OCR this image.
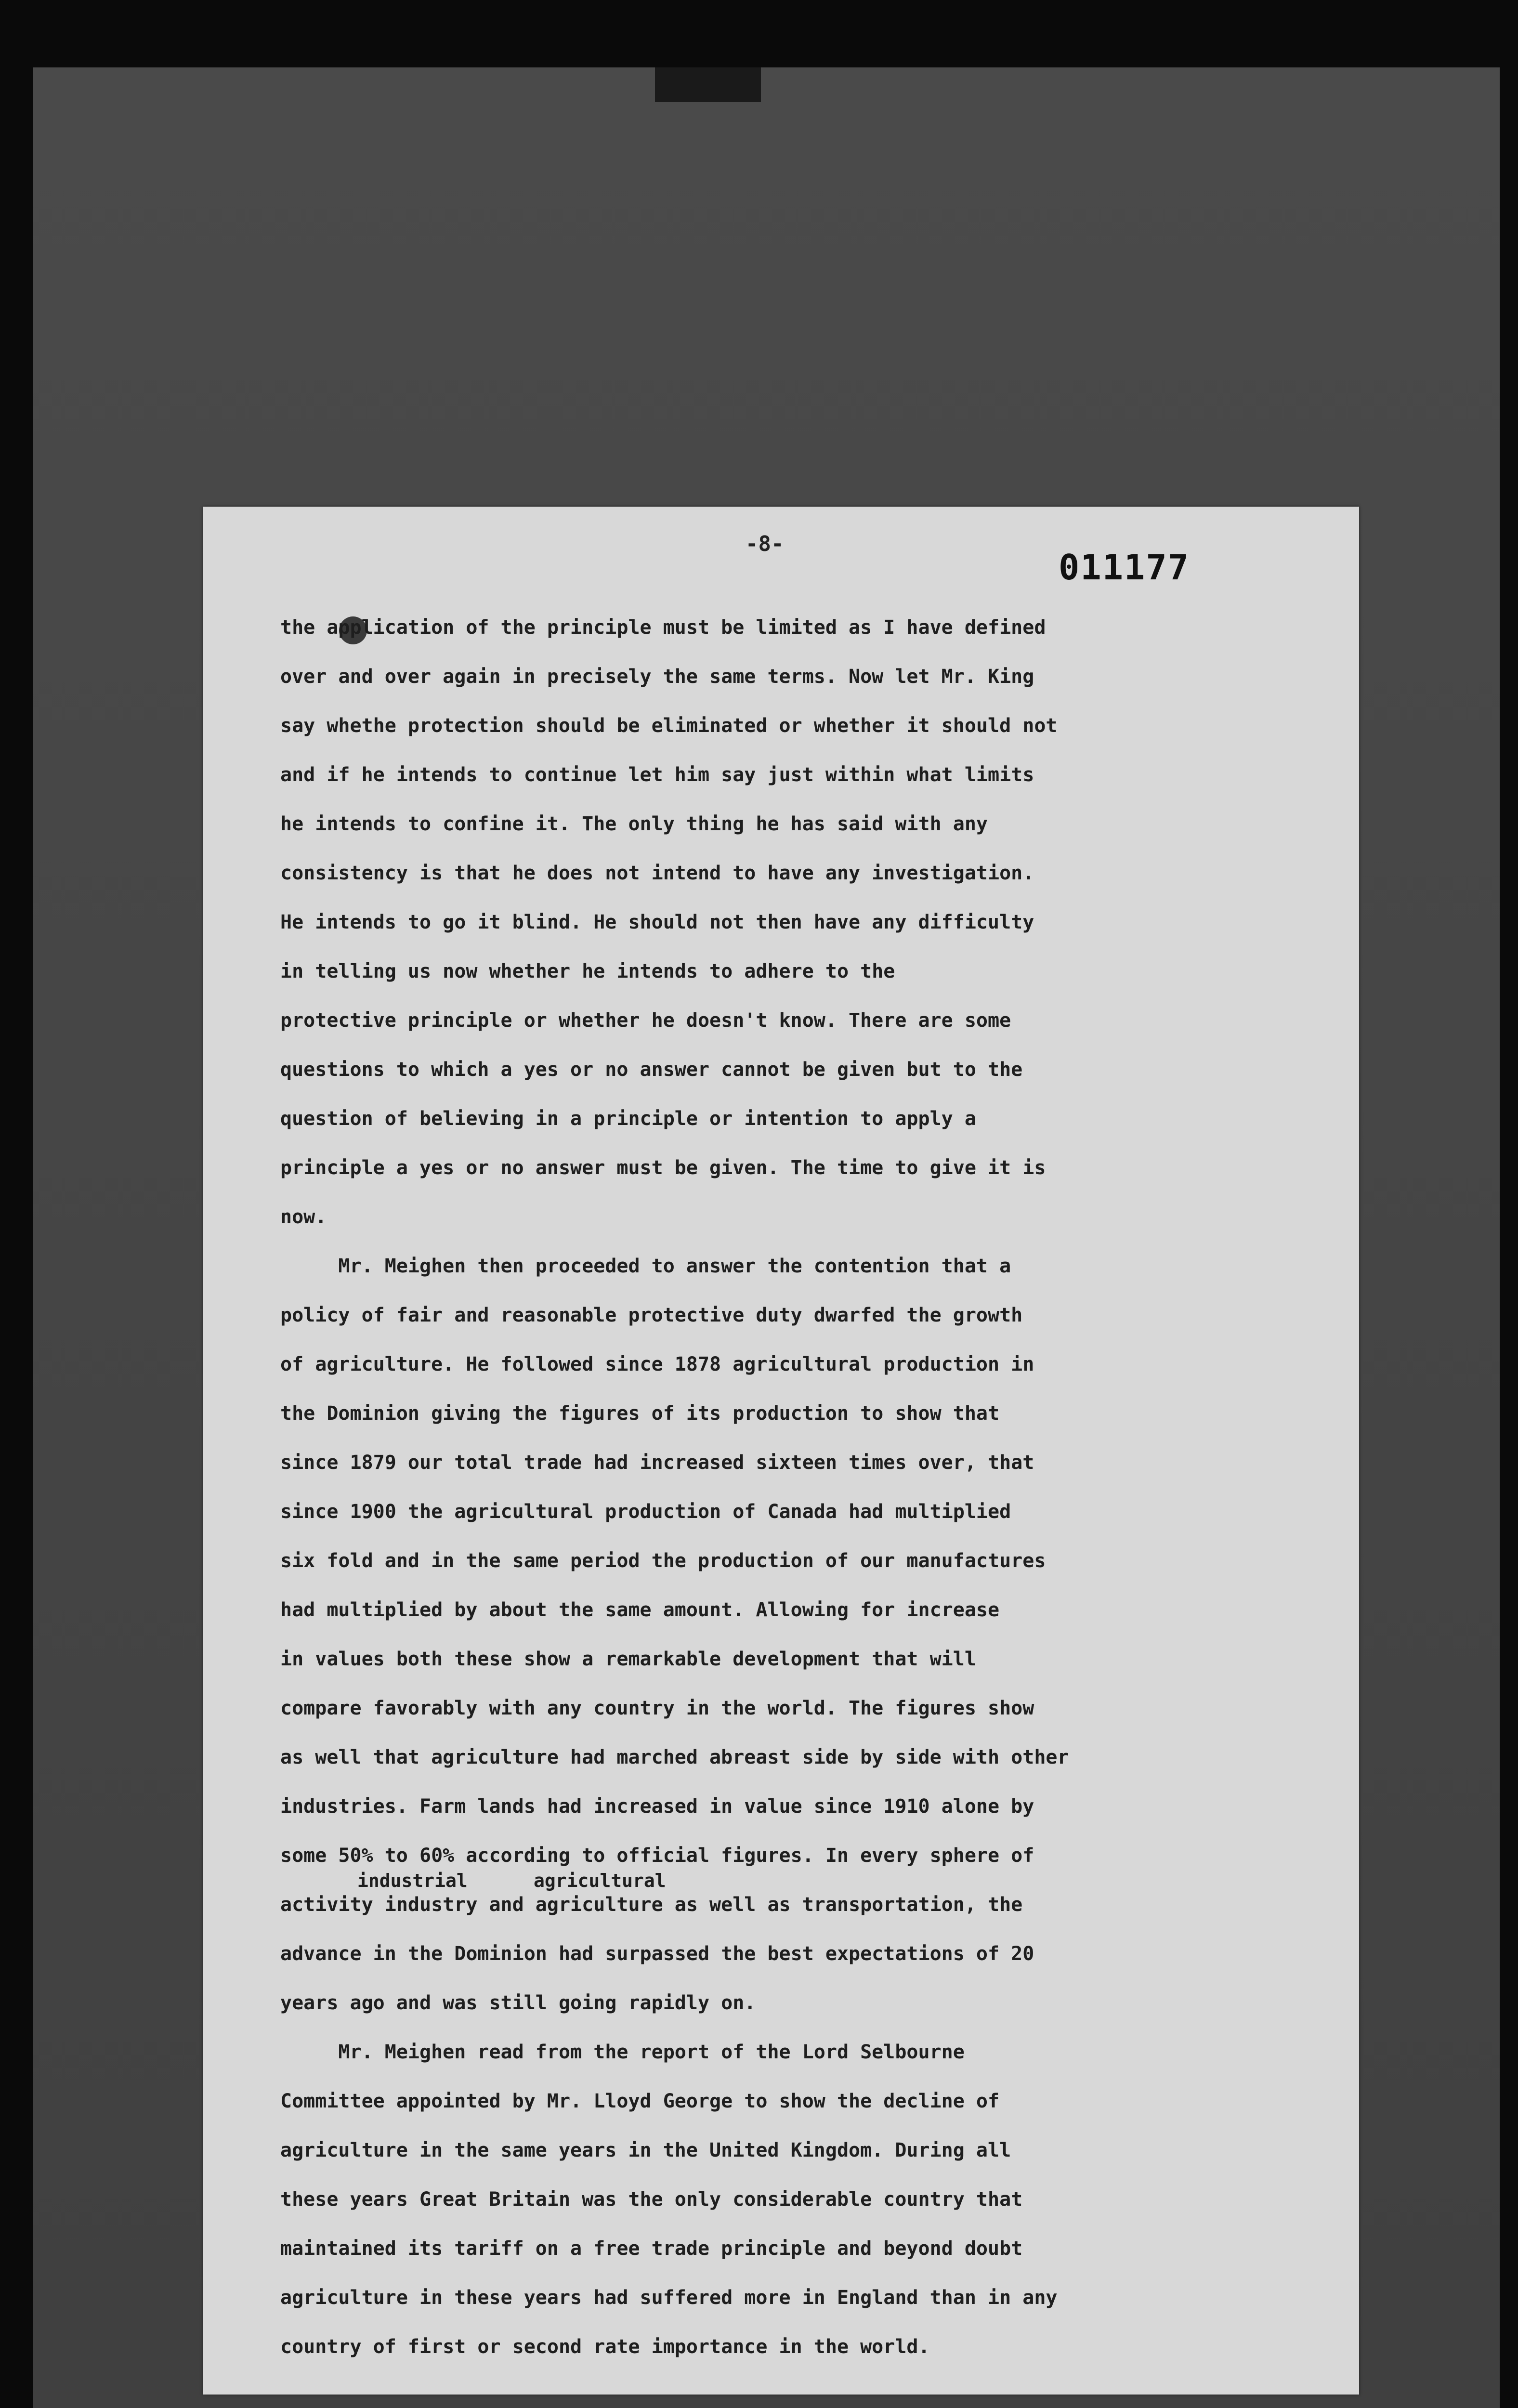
-8-
011177
the application of the principle must be limited as I have defined
over and over again in precisely the same terms. Now let Mr. King
say whethe protection should be eliminated or whether it should not
and if he intends to continue let him say just within what limits
he intends to confine it. The only thing he has said with any
consistency is that he does not intend to have any investigation.
He intends to go it blind. He should not then have any difficulty
in telling us now whether he intends to adhere to the
protective principle or whether he doesn't know. There are some
questions to which a yes or no answer cannot be given but to the
question of believing in a principle or intention to apply a
principle a yes or no answer must be given. The time to give it is
now.
Mr. Meighen then proceeded to answer the contention that a
policy of fair and reasonable protective duty dwarfed the growth
of agriculture. He followed since 1878 agricultural production in
the Dominion giving the figures of its production to show that
since 1879 our total trade had increased sixteen times over, that
since 1900 the agricultural production of Canada had multiplied
six fold and in the same period the production of our manufactures
had multiplied by about the same amount. Allowing for increase
in values both these show a remarkable development that will
compare favorably with any country in the world. The figures show
as well that agriculture had marched abreast side by side with other
industries. Farm lands had increased in value since 1910 alone by
some 50% to 60% according to official figures. In every sphere of
industrial      agricultural
activity industry and agriculture as well as transportation, the
advance in the Dominion had surpassed the best expectations of 20
years ago and was still going rapidly on.
Mr. Meighen read from the report of the Lord Selbourne
Committee appointed by Mr. Lloyd George to show the decline of
agriculture in the same years in the United Kingdom. During all
these years Great Britain was the only considerable country that
maintained its tariff on a free trade principle and beyond doubt
agriculture in these years had suffered more in England than in any
country of first or second rate importance in the world.
